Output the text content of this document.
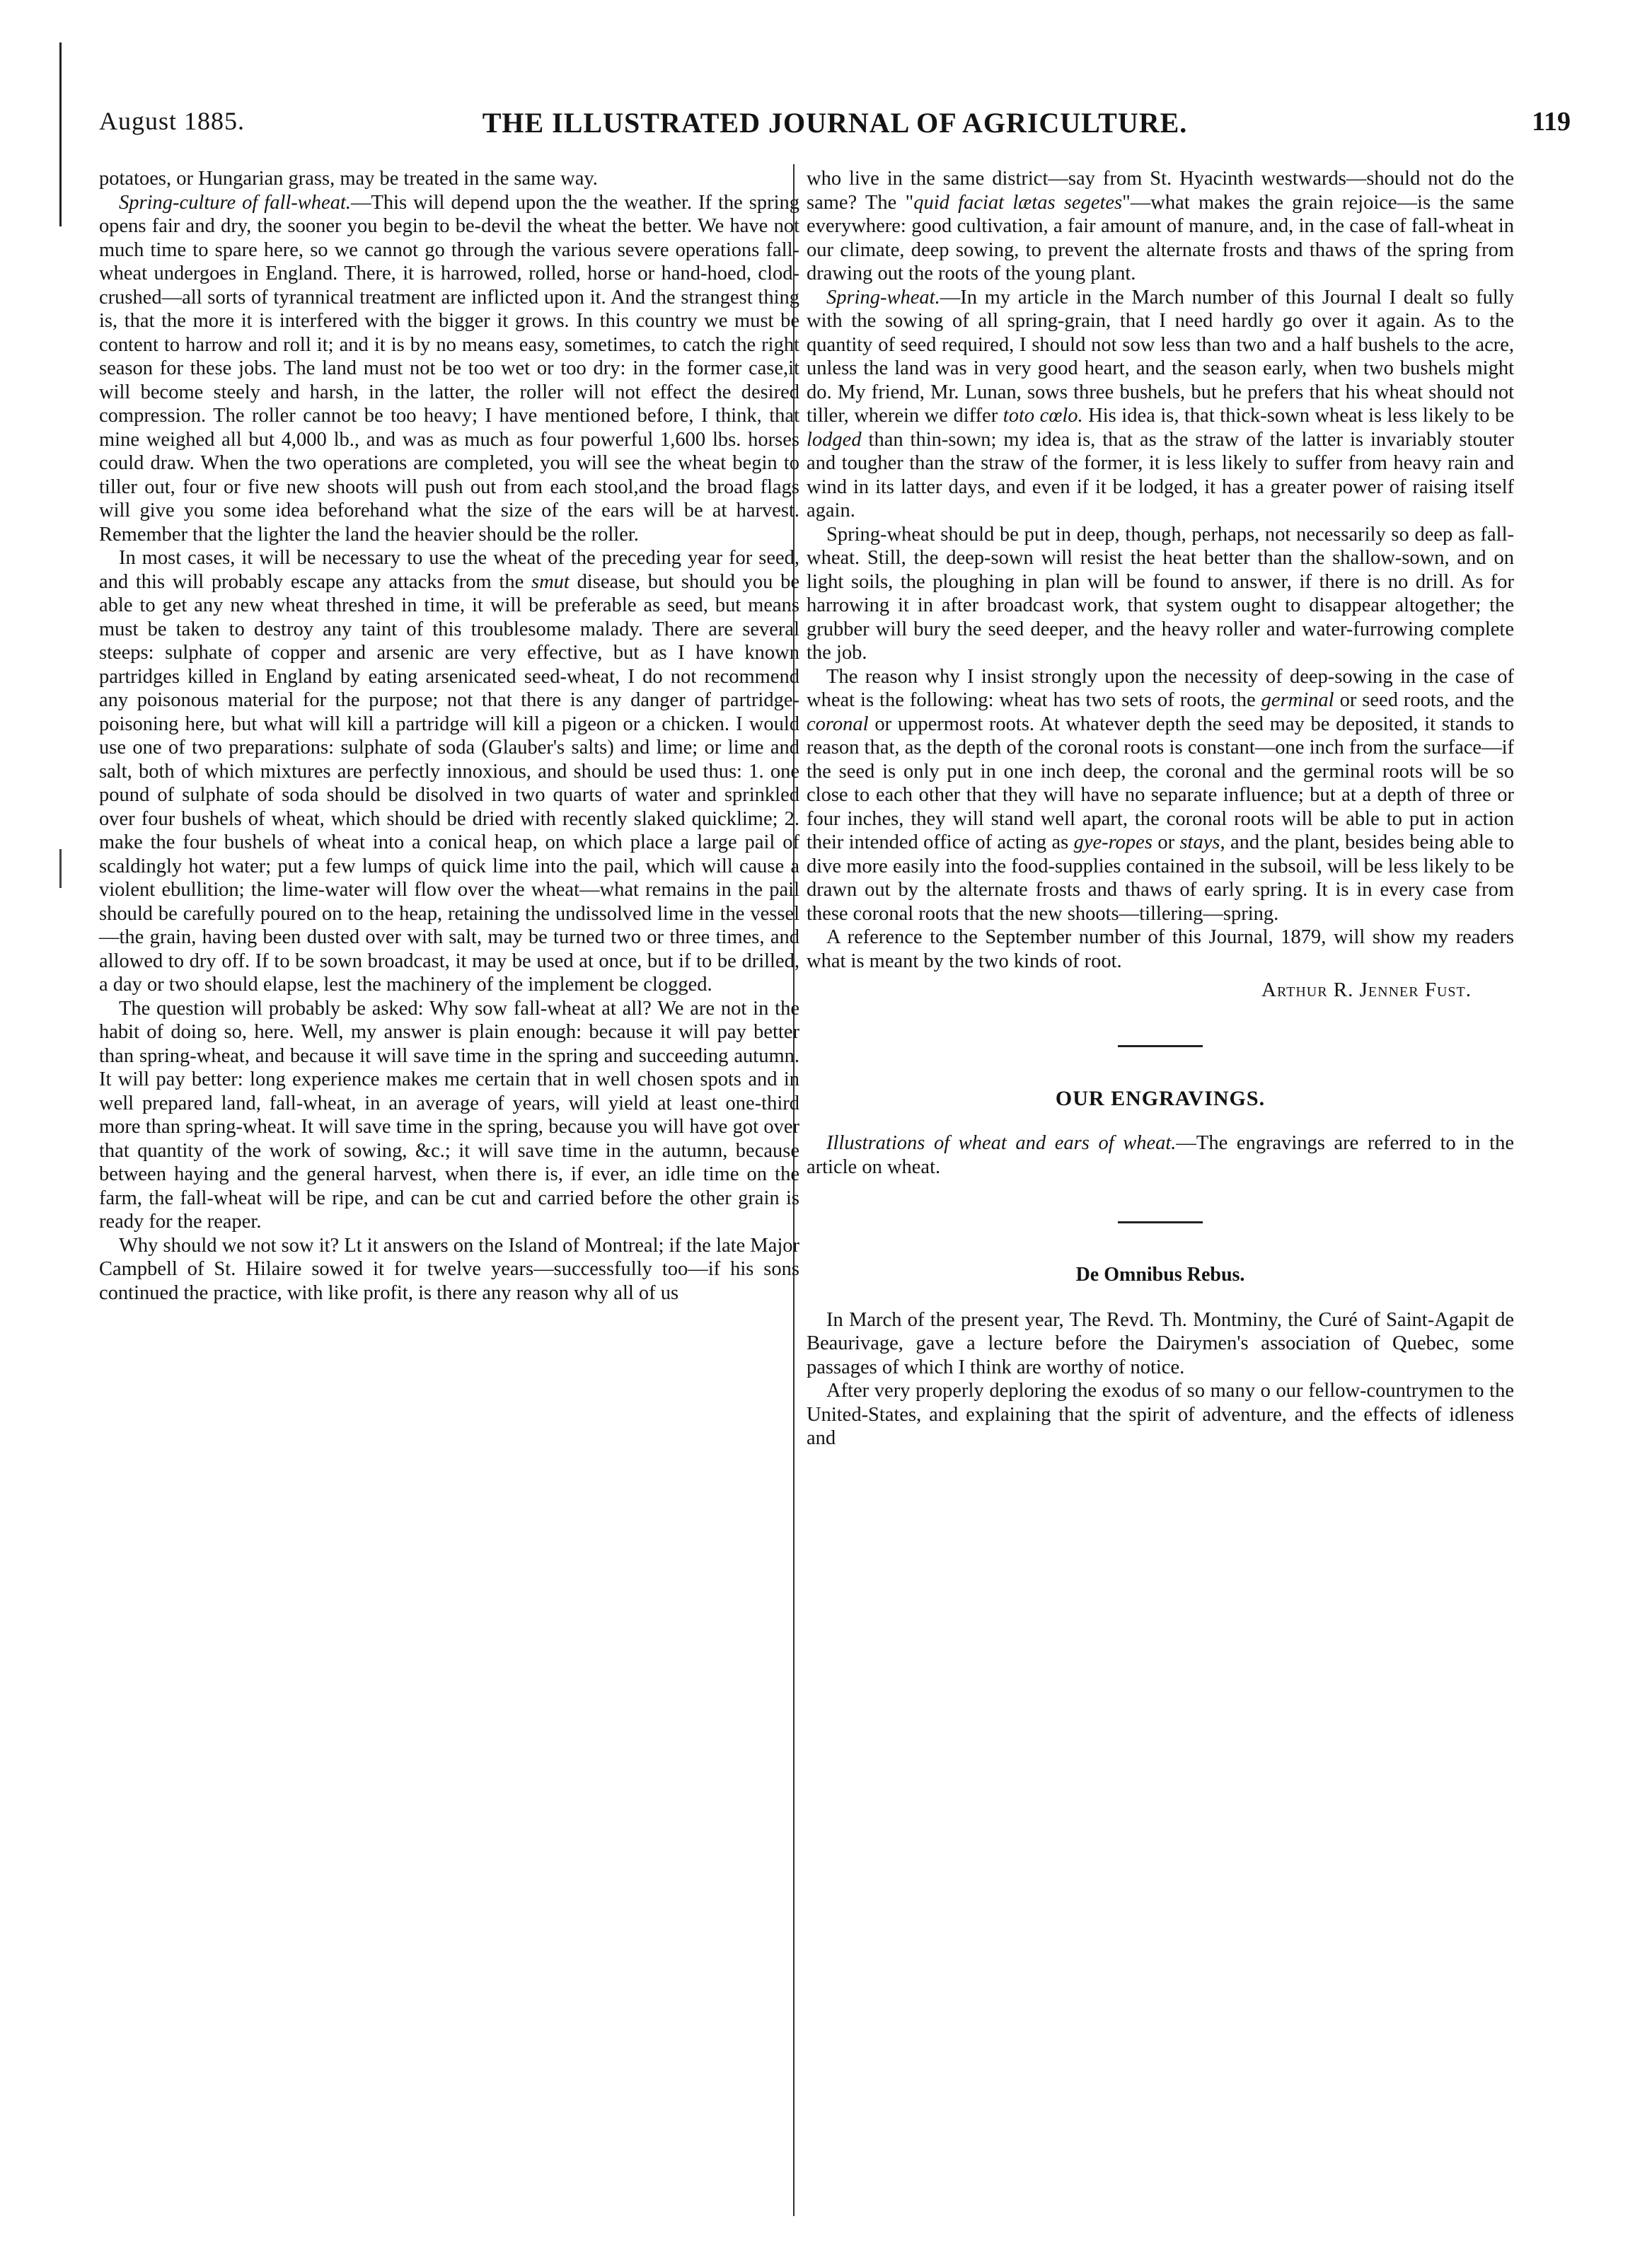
August 1885.	THE ILLUSTRATED JOURNAL OF AGRICULTURE.	119

potatoes, or Hungarian grass, may be treated in the same way.

Spring-culture of fall-wheat.—This will depend upon the the weather. If the spring opens fair and dry, the sooner you begin to be-devil the wheat the better. We have not much time to spare here, so we cannot go through the various severe operations fall-wheat undergoes in England. There, it is harrowed, rolled, horse or hand-hoed, clod-crushed—all sorts of tyrannical treatment are inflicted upon it. And the strangest thing is, that the more it is interfered with the bigger it grows. In this country we must be content to harrow and roll it; and it is by no means easy, sometimes, to catch the right season for these jobs. The land must not be too wet or too dry: in the former case,it will become steely and harsh, in the latter, the roller will not effect the desired compression. The roller cannot be too heavy; I have mentioned before, I think, that mine weighed all but 4,000 lb., and was as much as four powerful 1,600 lbs. horses could draw. When the two operations are completed, you will see the wheat begin to tiller out, four or five new shoots will push out from each stool,and the broad flags will give you some idea beforehand what the size of the ears will be at harvest. Remember that the lighter the land the heavier should be the roller.

In most cases, it will be necessary to use the wheat of the preceding year for seed, and this will probably escape any attacks from the smut disease, but should you be able to get any new wheat threshed in time, it will be preferable as seed, but means must be taken to destroy any taint of this troublesome malady. There are several steeps: sulphate of copper and arsenic are very effective, but as I have known partridges killed in England by eating arsenicated seed-wheat, I do not recommend any poisonous material for the purpose; not that there is any danger of partridge-poisoning here, but what will kill a partridge will kill a pigeon or a chicken. I would use one of two preparations: sulphate of soda (Glauber's salts) and lime; or lime and salt, both of which mixtures are perfectly innoxious, and should be used thus: 1. one pound of sulphate of soda should be disolved in two quarts of water and sprinkled over four bushels of wheat, which should be dried with recently slaked quicklime; 2. make the four bushels of wheat into a conical heap, on which place a large pail of scaldingly hot water; put a few lumps of quick lime into the pail, which will cause a violent ebullition; the lime-water will flow over the wheat—what remains in the pail should be carefully poured on to the heap, retaining the undissolved lime in the vessel—the grain, having been dusted over with salt, may be turned two or three times, and allowed to dry off. If to be sown broadcast, it may be used at once, but if to be drilled, a day or two should elapse, lest the machinery of the implement be clogged.

The question will probably be asked: Why sow fall-wheat at all? We are not in the habit of doing so, here. Well, my answer is plain enough: because it will pay better than spring-wheat, and because it will save time in the spring and succeeding autumn. It will pay better: long experience makes me certain that in well chosen spots and in well prepared land, fall-wheat, in an average of years, will yield at least one-third more than spring-wheat. It will save time in the spring, because you will have got over that quantity of the work of sowing, &c.; it will save time in the autumn, because between haying and the general harvest, when there is, if ever, an idle time on the farm, the fall-wheat will be ripe, and can be cut and carried before the other grain is ready for the reaper.

Why should we not sow it? Lt it answers on the Island of Montreal; if the late Major Campbell of St. Hilaire sowed it for twelve years—successfully too—if his sons continued the practice, with like profit, is there any reason why all of us

who live in the same district—say from St. Hyacinth westwards—should not do the same? The "quid faciat lætas segetes"—what makes the grain rejoice—is the same everywhere: good cultivation, a fair amount of manure, and, in the case of fall-wheat in our climate, deep sowing, to prevent the alternate frosts and thaws of the spring from drawing out the roots of the young plant.

Spring-wheat.—In my article in the March number of this Journal I dealt so fully with the sowing of all spring-grain, that I need hardly go over it again. As to the quantity of seed required, I should not sow less than two and a half bushels to the acre, unless the land was in very good heart, and the season early, when two bushels might do. My friend, Mr. Lunan, sows three bushels, but he prefers that his wheat should not tiller, wherein we differ toto cœlo. His idea is, that thick-sown wheat is less likely to be lodged than thin-sown; my idea is, that as the straw of the latter is invariably stouter and tougher than the straw of the former, it is less likely to suffer from heavy rain and wind in its latter days, and even if it be lodged, it has a greater power of raising itself again.

Spring-wheat should be put in deep, though, perhaps, not necessarily so deep as fall-wheat. Still, the deep-sown will resist the heat better than the shallow-sown, and on light soils, the ploughing in plan will be found to answer, if there is no drill. As for harrowing it in after broadcast work, that system ought to disappear altogether; the grubber will bury the seed deeper, and the heavy roller and water-furrowing complete the job.

The reason why I insist strongly upon the necessity of deep-sowing in the case of wheat is the following: wheat has two sets of roots, the germinal or seed roots, and the coronal or uppermost roots. At whatever depth the seed may be deposited, it stands to reason that, as the depth of the coronal roots is constant—one inch from the surface—if the seed is only put in one inch deep, the coronal and the germinal roots will be so close to each other that they will have no separate influence; but at a depth of three or four inches, they will stand well apart, the coronal roots will be able to put in action their intended office of acting as gye-ropes or stays, and the plant, besides being able to dive more easily into the food-supplies contained in the subsoil, will be less likely to be drawn out by the alternate frosts and thaws of early spring. It is in every case from these coronal roots that the new shoots—tillering—spring.

A reference to the September number of this Journal, 1879, will show my readers what is meant by the two kinds of root.

Arthur R. Jenner Fust.
OUR ENGRAVINGS.

Illustrations of wheat and ears of wheat.—The engravings are referred to in the article on wheat.

De Omnibus Rebus.

In March of the present year, The Revd. Th. Montminy, the Curé of Saint-Agapit de Beaurivage, gave a lecture before the Dairymen's association of Quebec, some passages of which I think are worthy of notice.

After very properly deploring the exodus of so many o our fellow-countrymen to the United-States, and explaining that the spirit of adventure, and the effects of idleness and
